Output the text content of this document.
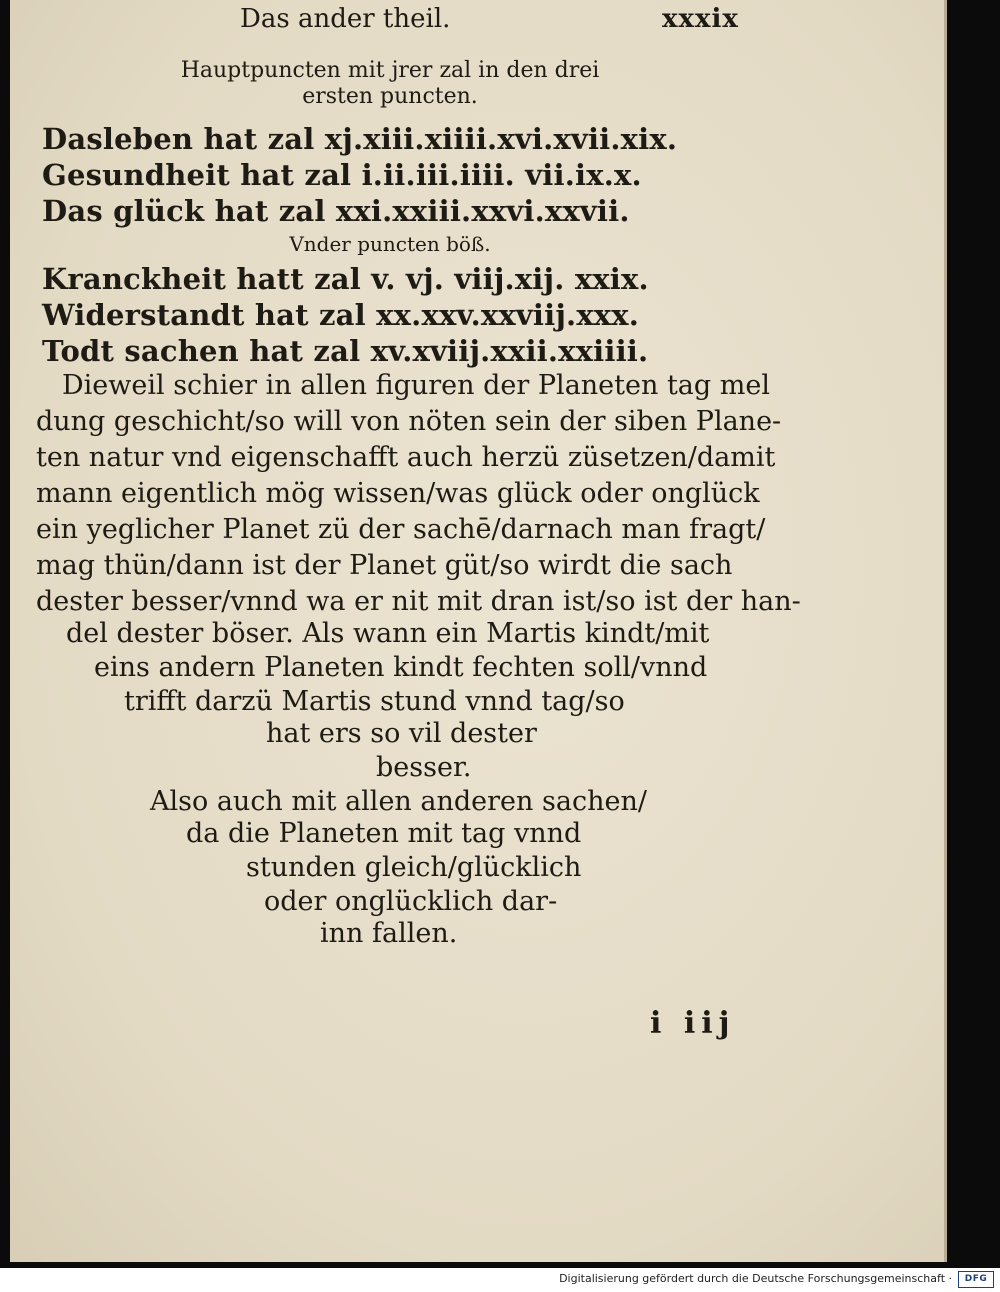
Das ander theil.	xxxix
Hauptpuncten mit jrer zal in den drei
ersten puncten.
Dasleben hat zal xj.xiii.xiiii.xvi.xvii.xix.
Gesundheit hat zal i.ii.iii.iiii. vii.ix.x.
Das glück hat zal xxi.xxiii.xxvi.xxvii.
Vnder puncten böß.
Kranckheit hatt zal v. vj. viij.xij. xxix.
Widerstandt hat zal xx.xxv.xxviij.xxx.
Todt sachen hat zal xv.xviij.xxii.xxiiii.
Dieweil schier in allen figuren der Planeten tag mel
dung geschicht/so will von nöten sein der siben Plane-
ten natur vnd eigenschafft auch herzü züsetzen/damit
mann eigentlich mög wissen/was glück oder onglück
ein yeglicher Planet zü der sachē/darnach man fragt/
mag thün/dann ist der Planet güt/so wirdt die sach
dester besser/vnnd wa er nit mit dran ist/so ist der han-
del dester böser. Als wann ein Martis kindt/mit
eins andern Planeten kindt fechten soll/vnnd
trifft darzü Martis stund vnnd tag/so
hat ers so vil dester
besser.
Also auch mit allen anderen sachen/
da die Planeten mit tag vnnd
stunden gleich/glücklich
oder onglücklich dar-
inn fallen.
i iij
Digitalisierung gefördert durch die Deutsche Forschungsgemeinschaft ·	DFG
